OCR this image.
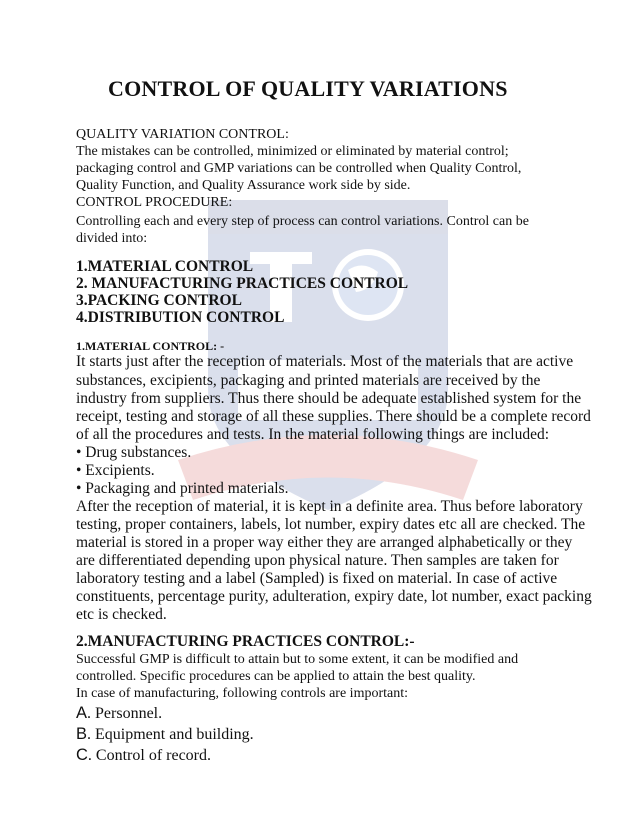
CONTROL OF QUALITY VARIATIONS
QUALITY VARIATION CONTROL:
The mistakes can be controlled, minimized or eliminated by material control;
packaging control and GMP variations can be controlled when Quality Control,
Quality Function, and Quality Assurance work side by side.
CONTROL PROCEDURE:
Controlling each and every step of process can control variations. Control can be
divided into:
1.MATERIAL CONTROL
2. MANUFACTURING PRACTICES CONTROL
3.PACKING CONTROL
4.DISTRIBUTION CONTROL
1.MATERIAL CONTROL: -
It starts just after the reception of materials. Most of the materials that are active
substances, excipients, packaging and printed materials are received by the
industry from suppliers. Thus there should be adequate established system for the
receipt, testing and storage of all these supplies. There should be a complete record
of all the procedures and tests. In the material following things are included:
• Drug substances.
• Excipients.
• Packaging and printed materials.
After the reception of material, it is kept in a definite area. Thus before laboratory
testing, proper containers, labels, lot number, expiry dates etc all are checked. The
material is stored in a proper way either they are arranged alphabetically or they
are differentiated depending upon physical nature. Then samples are taken for
laboratory testing and a label (Sampled) is fixed on material. In case of active
constituents, percentage purity, adulteration, expiry date, lot number, exact packing
etc is checked.
2.MANUFACTURING PRACTICES CONTROL:-
Successful GMP is difficult to attain but to some extent, it can be modified and
controlled. Specific procedures can be applied to attain the best quality.
In case of manufacturing, following controls are important:
A. Personnel.
B. Equipment and building.
C. Control of record.
